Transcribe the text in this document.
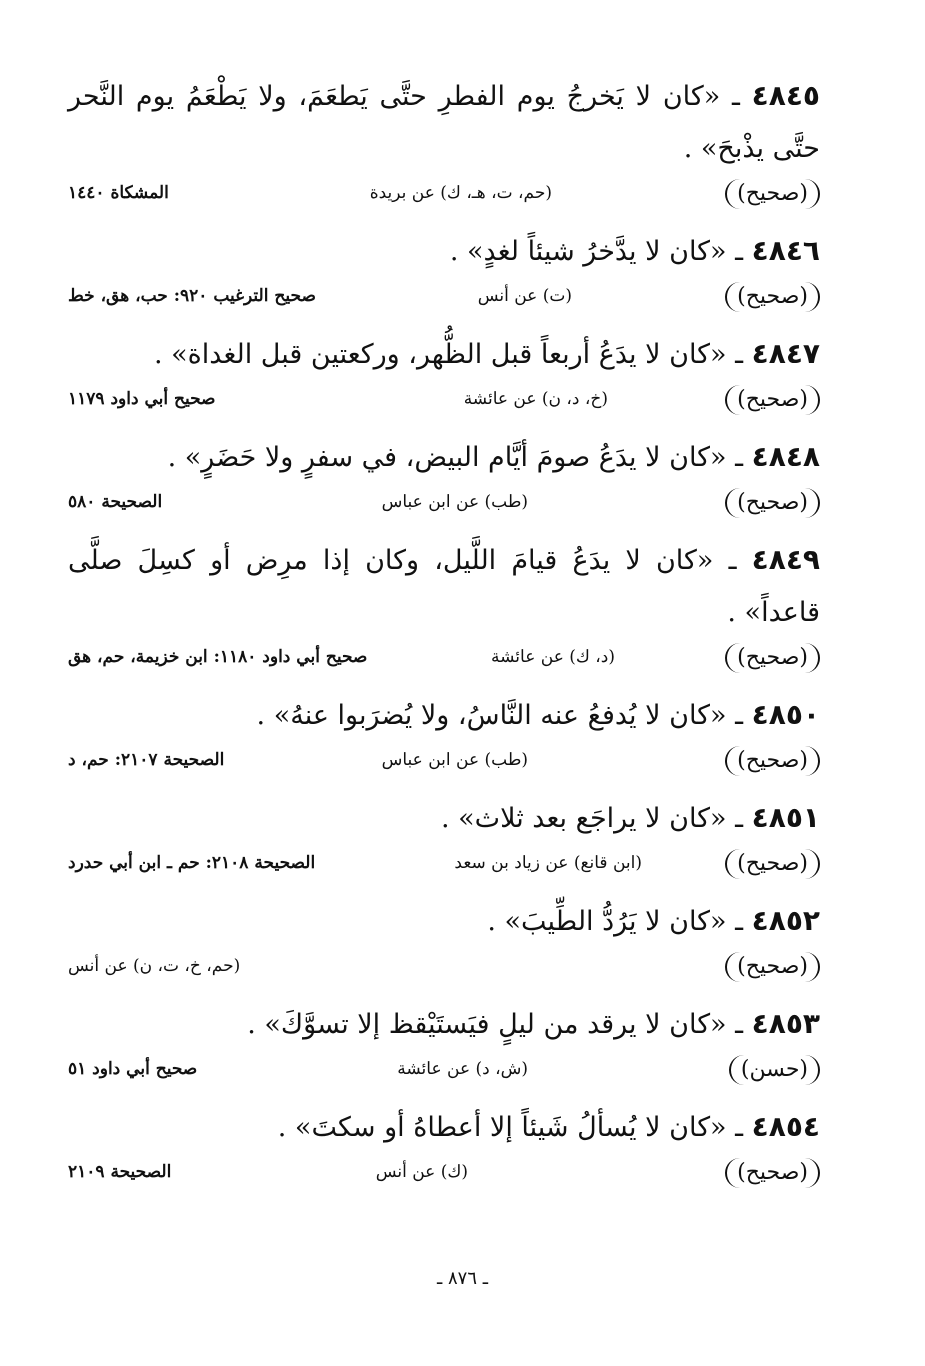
٤٨٤٥ ـ «كان لا يَخرجُ يوم الفطرِ حتَّى يَطعَمَ، ولا يَطْعَمُ يوم النَّحر حتَّى يذْبحَ» .

(صحيح)
(حم، ت، هـ، ك) عن بريدة
المشكاة ١٤٤٠

٤٨٤٦ ـ «كان لا يدَّخرُ شيئاً لغدٍ» .

(صحيح)
(ت) عن أنس
صحيح الترغيب ٩٢٠: حب، هق، خط

٤٨٤٧ ـ «كان لا يدَعُ أربعاً قبل الظُّهر، وركعتين قبل الغداة» .

(صحيح)
(خ، د، ن) عن عائشة
صحيح أبي داود ١١٧٩

٤٨٤٨ ـ «كان لا يدَعُ صومَ أيَّام البيض، في سفرٍ ولا حَضَرٍ» .

(صحيح)
(طب) عن ابن عباس
الصحيحة ٥٨٠

٤٨٤٩ ـ «كان لا يدَعُ قيامَ اللَّيل، وكان إذا مرِض أو كسِلَ صلَّى قاعداً» .

(صحيح)
(د، ك) عن عائشة
صحيح أبي داود ١١٨٠: ابن خزيمة، حم، هق

٤٨٥٠ ـ «كان لا يُدفعُ عنه النَّاسُ، ولا يُضرَبوا عنهُ» .

(صحيح)
(طب) عن ابن عباس
الصحيحة ٢١٠٧: حم، د

٤٨٥١ ـ «كان لا يراجَع بعد ثلاث» .

(صحيح)
(ابن قانع) عن زياد بن سعد
الصحيحة ٢١٠٨: حم ـ ابن أبي حدرد

٤٨٥٢ ـ «كان لا يَرُدُّ الطِّيبَ» .

(صحيح)
(حم، خ، ت، ن) عن أنس

٤٨٥٣ ـ «كان لا يرقد من ليلٍ فيَستَيْقظ إلا تسوَّكَ» .

(حسن)
(ش، د) عن عائشة
صحيح أبي داود ٥١

٤٨٥٤ ـ «كان لا يُسألُ شَيئاً إلا أعطاهُ أو سكتَ» .

(صحيح)
(ك) عن أنس
الصحيحة ٢١٠٩
ـ ٨٧٦ ـ
